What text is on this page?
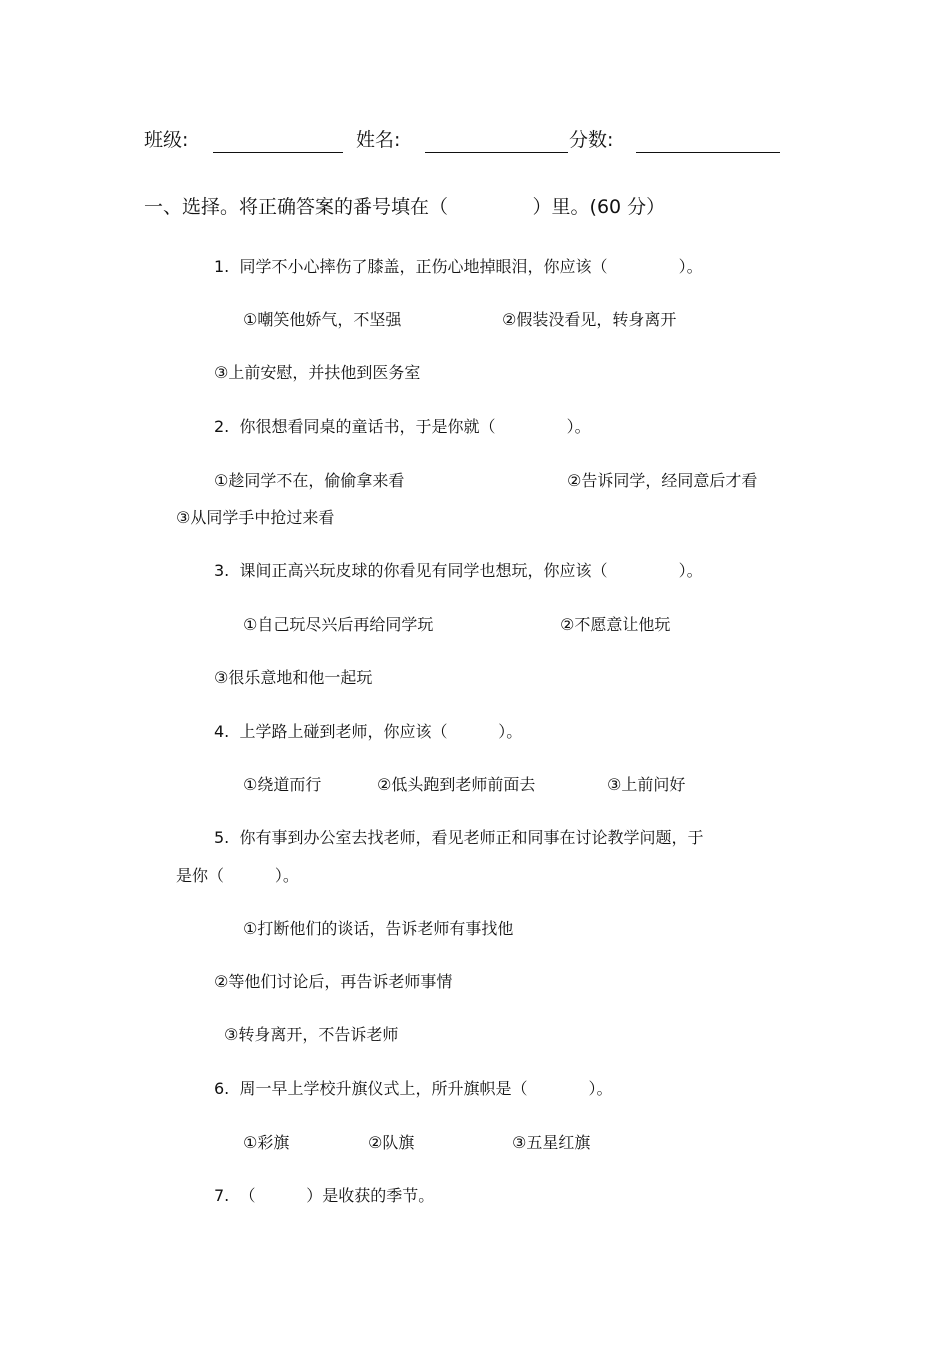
班级:	姓名:	分数:
一、选择。将正确答案的番号填在（              ）里。(60 分）
1.  同学不小心摔伤了膝盖，正伤心地掉眼泪，你应该（              ）。
①嘲笑他娇气，不坚强	②假装没看见，转身离开
③上前安慰，并扶他到医务室
2.  你很想看同桌的童话书，于是你就（              ）。
①趁同学不在，偷偷拿来看	②告诉同学，经同意后才看
③从同学手中抢过来看
3.  课间正高兴玩皮球的你看见有同学也想玩，你应该（              ）。
①自己玩尽兴后再给同学玩	②不愿意让他玩
③很乐意地和他一起玩
4.  上学路上碰到老师，你应该（          ）。
①绕道而行	②低头跑到老师前面去	③上前问好
5.  你有事到办公室去找老师，看见老师正和同事在讨论教学问题，于
是你（          ）。
①打断他们的谈话，告诉老师有事找他
②等他们讨论后，再告诉老师事情
③转身离开，不告诉老师
6.  周一早上学校升旗仪式上，所升旗帜是（            ）。
①彩旗	②队旗	③五星红旗
7.  （          ）是收获的季节。
